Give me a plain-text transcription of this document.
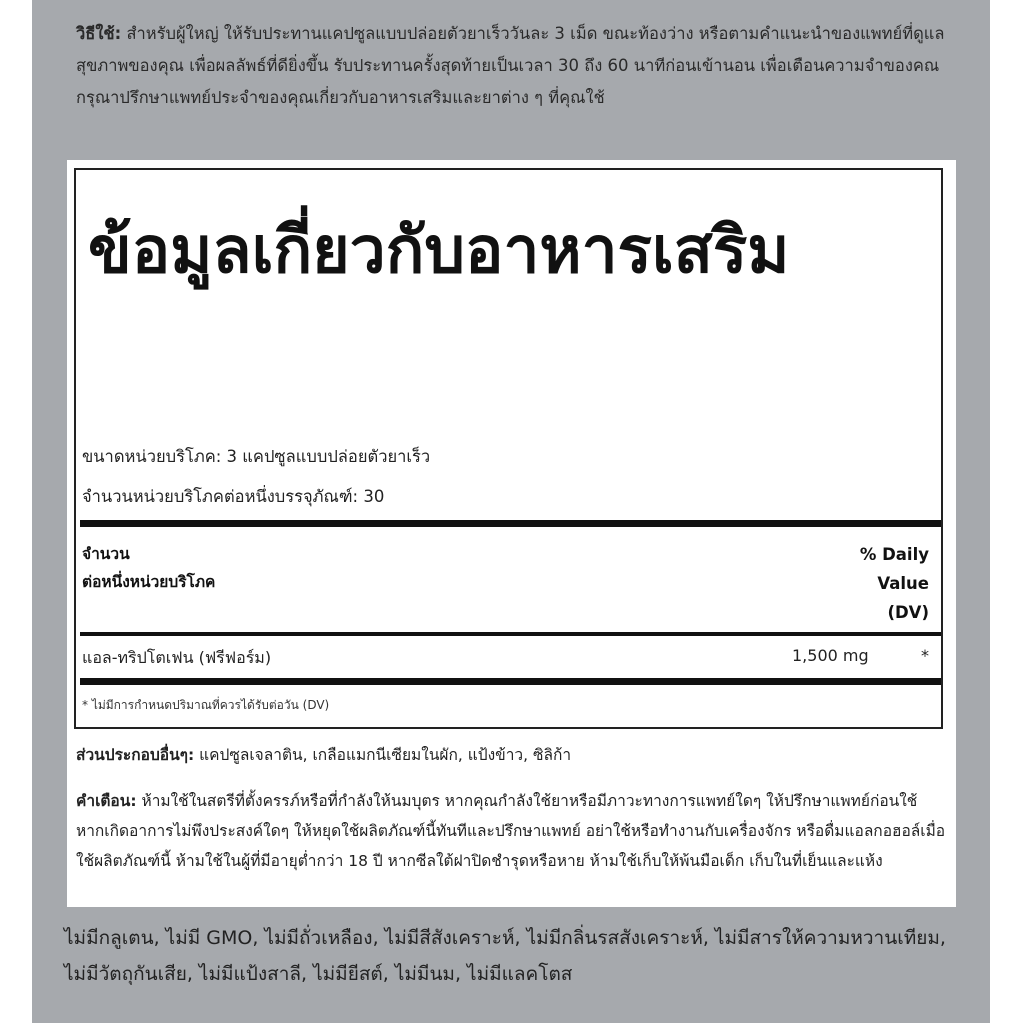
วิธีใช้: สำหรับผู้ใหญ่ ให้รับประทานแคปซูลแบบปล่อยตัวยาเร็ววันละ 3 เม็ด ขณะท้องว่าง หรือตามคำแนะนำของแพทย์ที่ดูแลสุขภาพของคุณ เพื่อผลลัพธ์ที่ดียิ่งขึ้น รับประทานครั้งสุดท้ายเป็นเวลา 30 ถึง 60 นาทีก่อนเข้านอน เพื่อเตือนความจำของคณ กรุณาปรึกษาแพทย์ประจำของคุณเกี่ยวกับอาหารเสริมและยาต่าง ๆ ที่คุณใช้
ข้อมูลเกี่ยวกับอาหารเสริม
ขนาดหน่วยบริโภค: 3 แคปซูลแบบปล่อยตัวยาเร็ว
จำนวนหน่วยบริโภคต่อหนึ่งบรรจุภัณฑ์: 30
จำนวน
ต่อหนึ่งหน่วยบริโภค
% Daily
Value
(DV)
แอล-ทริปโตเฟน (ฟรีฟอร์ม)	1,500 mg	*
* ไม่มีการกำหนดปริมาณที่ควรได้รับต่อวัน (DV)
ส่วนประกอบอื่นๆ: แคปซูลเจลาติน, เกลือแมกนีเซียมในผัก, แป้งข้าว, ซิลิก้า
คำเตือน: ห้ามใช้ในสตรีที่ตั้งครรภ์หรือที่กำลังให้นมบุตร หากคุณกำลังใช้ยาหรือมีภาวะทางการแพทย์ใดๆ ให้ปรึกษาแพทย์ก่อนใช้ หากเกิดอาการไม่พึงประสงค์ใดๆ ให้หยุดใช้ผลิตภัณฑ์นี้ทันทีและปรึกษาแพทย์ อย่าใช้หรือทำงานกับเครื่องจักร หรือดื่มแอลกอฮอล์เมื่อใช้ผลิตภัณฑ์นี้ ห้ามใช้ในผู้ที่มีอายุต่ำกว่า 18 ปี หากซีลใต้ฝาปิดชำรุดหรือหาย ห้ามใช้เก็บให้พ้นมือเด็ก เก็บในที่เย็นและแห้ง
ไม่มีกลูเตน, ไม่มี GMO, ไม่มีถั่วเหลือง, ไม่มีสีสังเคราะห์, ไม่มีกลิ่นรสสังเคราะห์, ไม่มีสารให้ความหวานเทียม, ไม่มีวัตถุกันเสีย, ไม่มีแป้งสาลี, ไม่มียีสต์, ไม่มีนม, ไม่มีแลคโตส
